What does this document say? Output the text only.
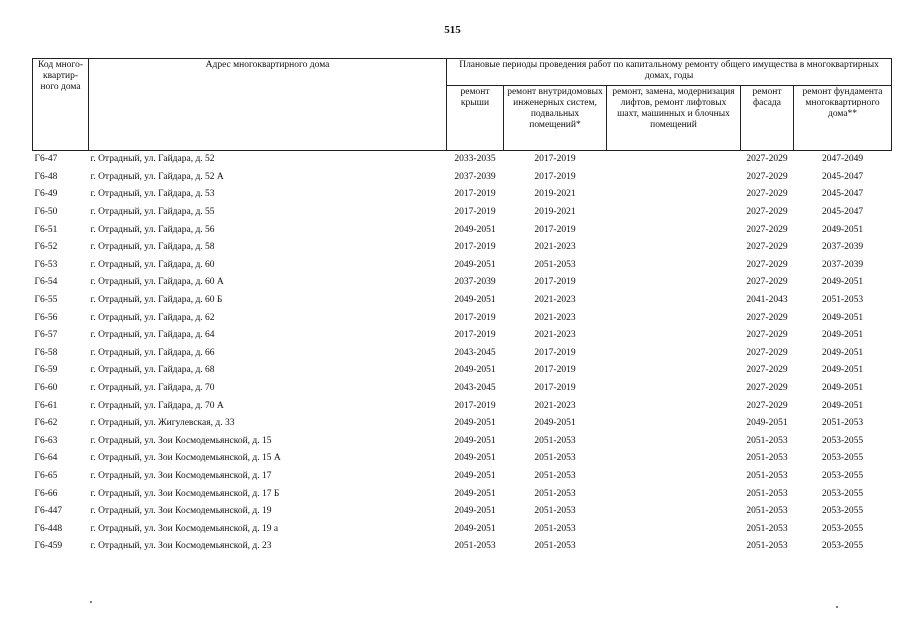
515
Код много-квартир-ного дома	Адрес многоквартирного дома	Плановые периоды проведения работ по капитальному ремонту общего имущества в многоквартирных домах, годы				
		ремонт крыши	ремонт внутридомовых инженерных систем, подвальных помещений*	ремонт, замена, модернизация лифтов, ремонт лифтовых шахт, машинных и блочных помещений	ремонт фасада	ремонт фундамента многоквартирного дома**
Г6-47	г. Отрадный, ул. Гайдара, д. 52	2033-2035	2017-2019		2027-2029	2047-2049
Г6-48	г. Отрадный, ул. Гайдара, д. 52 А	2037-2039	2017-2019		2027-2029	2045-2047
Г6-49	г. Отрадный, ул. Гайдара, д. 53	2017-2019	2019-2021		2027-2029	2045-2047
Г6-50	г. Отрадный, ул. Гайдара, д. 55	2017-2019	2019-2021		2027-2029	2045-2047
Г6-51	г. Отрадный, ул. Гайдара, д. 56	2049-2051	2017-2019		2027-2029	2049-2051
Г6-52	г. Отрадный, ул. Гайдара, д. 58	2017-2019	2021-2023		2027-2029	2037-2039
Г6-53	г. Отрадный, ул. Гайдара, д. 60	2049-2051	2051-2053		2027-2029	2037-2039
Г6-54	г. Отрадный, ул. Гайдара, д. 60 А	2037-2039	2017-2019		2027-2029	2049-2051
Г6-55	г. Отрадный, ул. Гайдара, д. 60 Б	2049-2051	2021-2023		2041-2043	2051-2053
Г6-56	г. Отрадный, ул. Гайдара, д. 62	2017-2019	2021-2023		2027-2029	2049-2051
Г6-57	г. Отрадный, ул. Гайдара, д. 64	2017-2019	2021-2023		2027-2029	2049-2051
Г6-58	г. Отрадный, ул. Гайдара, д. 66	2043-2045	2017-2019		2027-2029	2049-2051
Г6-59	г. Отрадный, ул. Гайдара, д. 68	2049-2051	2017-2019		2027-2029	2049-2051
Г6-60	г. Отрадный, ул. Гайдара, д. 70	2043-2045	2017-2019		2027-2029	2049-2051
Г6-61	г. Отрадный, ул. Гайдара, д. 70 А	2017-2019	2021-2023		2027-2029	2049-2051
Г6-62	г. Отрадный, ул. Жигулевская, д. 33	2049-2051	2049-2051		2049-2051	2051-2053
Г6-63	г. Отрадный, ул. Зои Космодемьянской, д. 15	2049-2051	2051-2053		2051-2053	2053-2055
Г6-64	г. Отрадный, ул. Зои Космодемьянской, д. 15 А	2049-2051	2051-2053		2051-2053	2053-2055
Г6-65	г. Отрадный, ул. Зои Космодемьянской, д. 17	2049-2051	2051-2053		2051-2053	2053-2055
Г6-66	г. Отрадный, ул. Зои Космодемьянской, д. 17 Б	2049-2051	2051-2053		2051-2053	2053-2055
Г6-447	г. Отрадный, ул. Зои Космодемьянской, д. 19	2049-2051	2051-2053		2051-2053	2053-2055
Г6-448	г. Отрадный, ул. Зои Космодемьянской, д. 19 а	2049-2051	2051-2053		2051-2053	2053-2055
Г6-459	г. Отрадный, ул. Зои Космодемьянской, д. 23	2051-2053	2051-2053		2051-2053	2053-2055
